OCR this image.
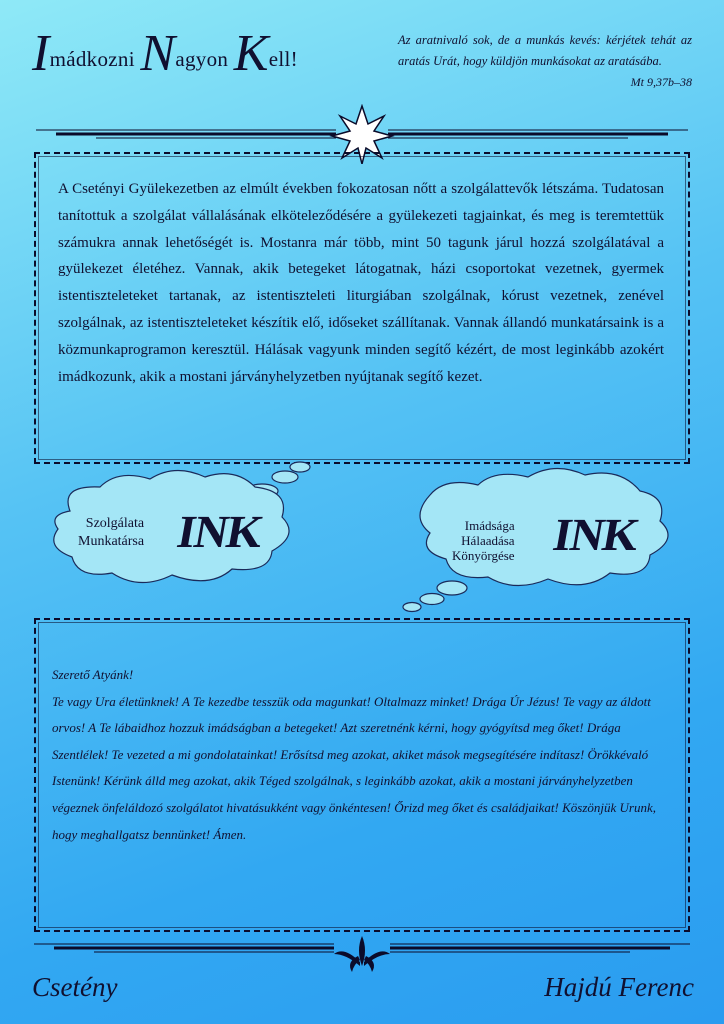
Imádkozni Nagyon Kell!
Az aratnivaló sok, de a munkás kevés: kérjétek tehát az aratás Urát, hogy küldjön munkásokat az aratásába.
Mt 9,37b–38

A Csetényi Gyülekezetben az elmúlt években fokozatosan nőtt a szolgálattevők létszáma. Tudatosan tanítottuk a szolgálat vállalásának elköteleződésére a gyülekezeti tagjainkat, és meg is teremtettük számukra annak lehetőségét is. Mostanra már több, mint 50 tagunk járul hozzá szolgálatával a gyülekezet életéhez. Vannak, akik betegeket látogatnak, házi csoportokat vezetnek, gyermek istentiszteleteket tartanak, az istentiszteleti liturgiában szolgálnak, kórust vezetnek, zenével szolgálnak, az istentiszteleteket készítik elő, időseket szállítanak. Vannak állandó munkatársaink is a közmunkaprogramon keresztül. Hálásak vagyunk minden segítő kézért, de most leginkább azokért imádkozunk, akik a mostani járványhelyzetben nyújtanak segítő kezet.

Szolgálata
Munkatársa INK	Imádsága
Hálaadása
Könyörgése INK

Szerető Atyánk!

Te vagy Ura életünknek! A Te kezedbe tesszük oda magunkat! Oltalmazz minket! Drága Úr Jézus! Te vagy az áldott orvos! A Te lábaidhoz hozzuk imádságban a betegeket! Azt szeretnénk kérni, hogy gyógyítsd meg őket! Drága Szentlélek! Te vezeted a mi gondolatainkat! Erősítsd meg azokat, akiket mások megsegítésére indítasz! Örökkévaló Istenünk! Kérünk álld meg azokat, akik Téged szolgálnak, s leginkább azokat, akik a mostani járványhelyzetben végeznek önfeláldozó szolgálatot hivatásukként vagy önkéntesen! Őrizd meg őket és családjaikat! Köszönjük Urunk, hogy meghallgatsz bennünket! Ámen.

Csetény	Hajdú Ferenc
